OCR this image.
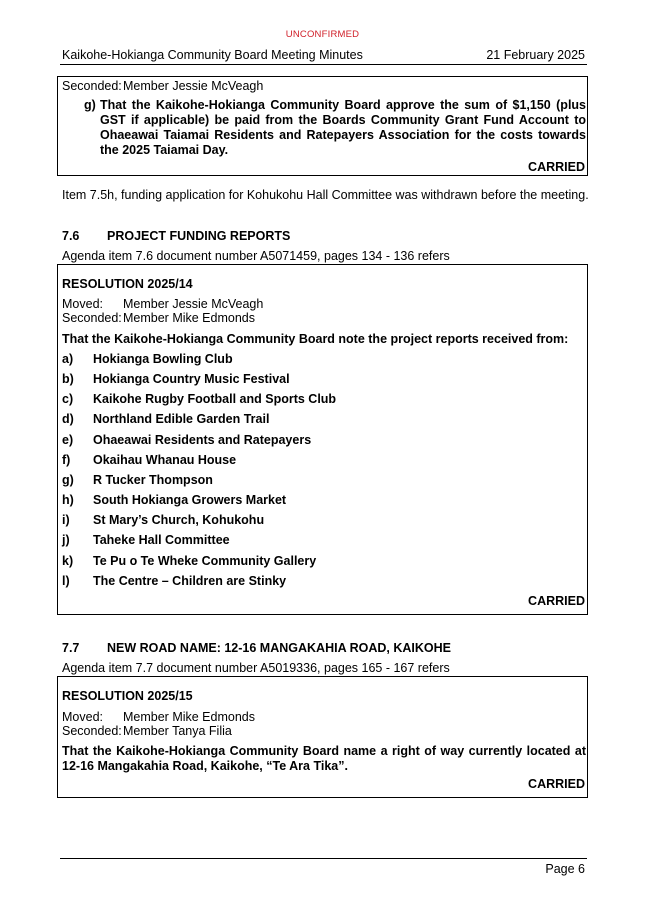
UNCONFIRMED
Kaikohe-Hokianga Community Board Meeting Minutes	21 February 2025
Seconded: Member Jessie McVeagh
g) That the Kaikohe-Hokianga Community Board approve the sum of $1,150 (plus GST if applicable) be paid from the Boards Community Grant Fund Account to Ohaeawai Taiamai Residents and Ratepayers Association for the costs towards the 2025 Taiamai Day.
CARRIED
Item 7.5h, funding application for Kohukohu Hall Committee was withdrawn before the meeting.
7.6 PROJECT FUNDING REPORTS
Agenda item 7.6 document number A5071459, pages 134 - 136 refers
RESOLUTION 2025/14
Moved: Member Jessie McVeagh
Seconded: Member Mike Edmonds
That the Kaikohe-Hokianga Community Board note the project reports received from:
a) Hokianga Bowling Club
b) Hokianga Country Music Festival
c) Kaikohe Rugby Football and Sports Club
d) Northland Edible Garden Trail
e) Ohaeawai Residents and Ratepayers
f) Okaihau Whanau House
g) R Tucker Thompson
h) South Hokianga Growers Market
i) St Mary’s Church, Kohukohu
j) Taheke Hall Committee
k) Te Pu o Te Wheke Community Gallery
l) The Centre – Children are Stinky
CARRIED
7.7 NEW ROAD NAME: 12-16 MANGAKAHIA ROAD, KAIKOHE
Agenda item 7.7 document number A5019336, pages 165 - 167 refers
RESOLUTION 2025/15
Moved: Member Mike Edmonds
Seconded: Member Tanya Filia
That the Kaikohe-Hokianga Community Board name a right of way currently located at 12-16 Mangakahia Road, Kaikohe, “Te Ara Tika”.
CARRIED
Page 6
